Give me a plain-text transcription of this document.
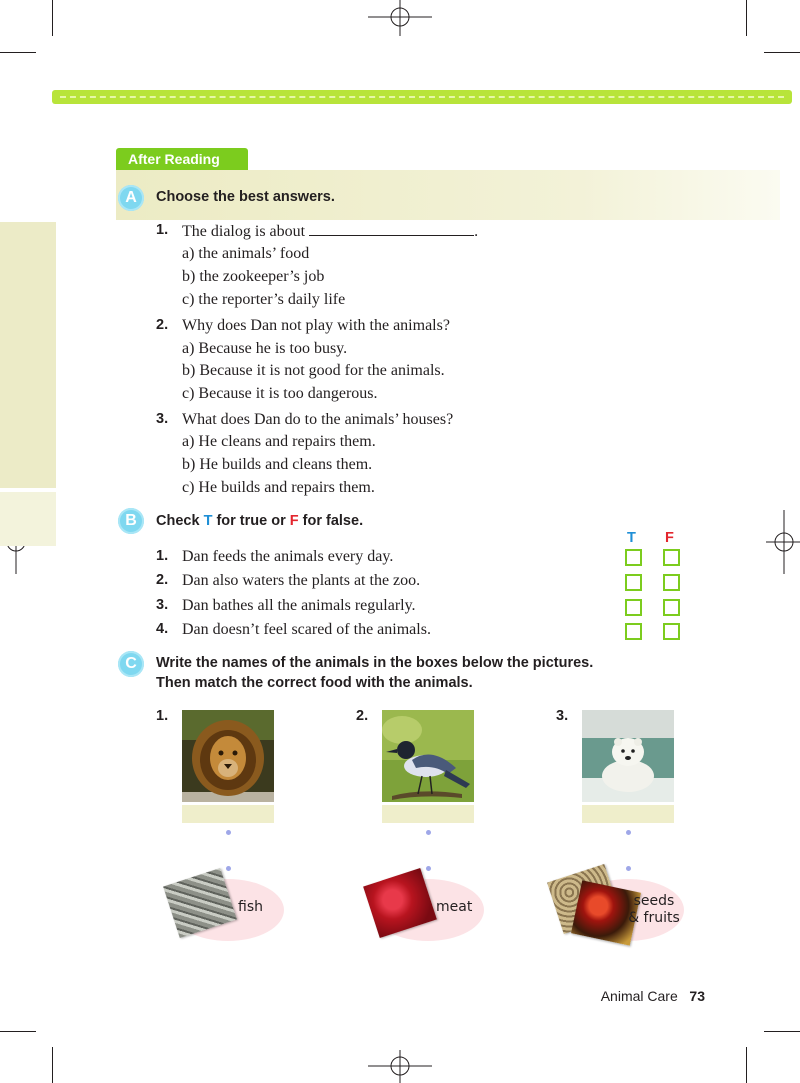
After Reading
A	Choose the best answers.
1. The dialog is about	.
a) the animals’ food
b) the zookeeper’s job
c) the reporter’s daily life
2. Why does Dan not play with the animals?
a) Because he is too busy.
b) Because it is not good for the animals.
c) Because it is too dangerous.
3. What does Dan do to the animals’ houses?
a) He cleans and repairs them.
b) He builds and cleans them.
c) He builds and repairs them.
B	Check T for true or F for false.
T F
1. Dan feeds the animals every day.
2. Dan also waters the plants at the zoo.
3. Dan bathes all the animals regularly.
4. Dan doesn’t feel scared of the animals.
C	Write the names of the animals in the boxes below the pictures.
Then match the correct food with the animals.
1.	2.	3.
fish	meat	seeds
& fruits
Animal Care 73
